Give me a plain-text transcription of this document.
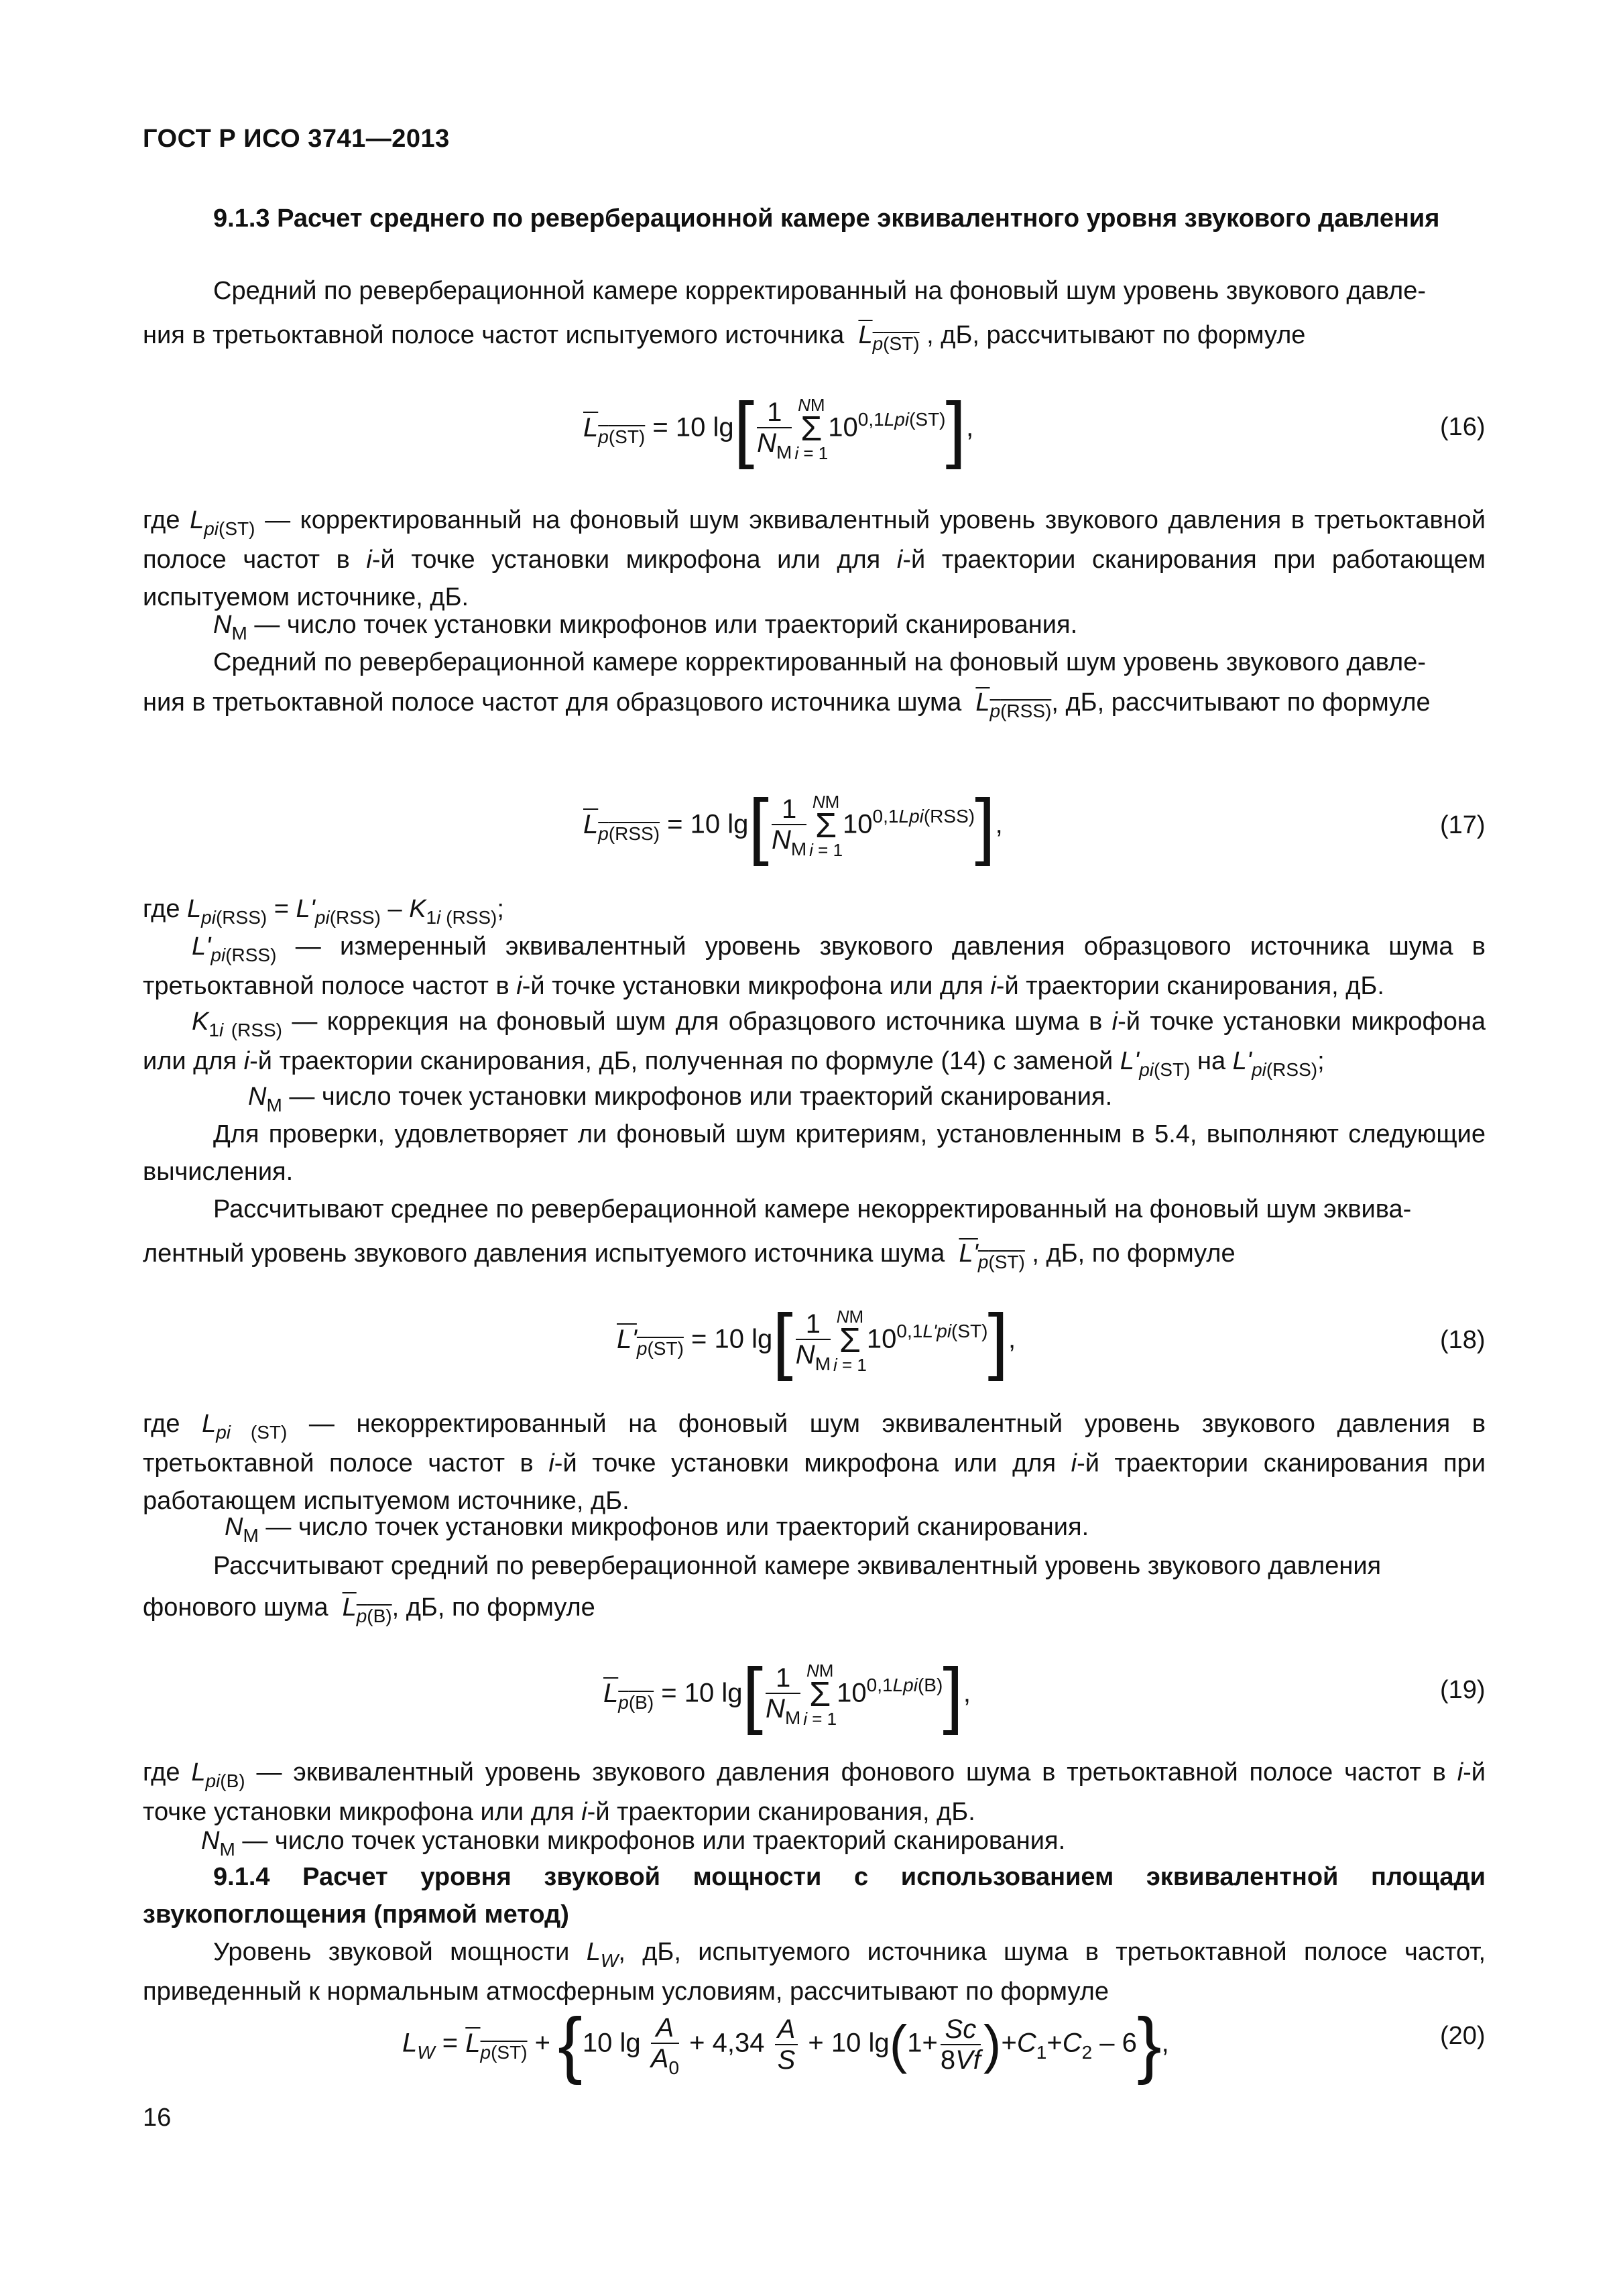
ГОСТ Р ИСО 3741—2013
9.1.3 Расчет среднего по реверберационной камере эквивалентного уровня звукового давления
Средний по реверберационной камере корректированный на фоновый шум уровень звукового давле-
ния в третьоктавной полосе частот испытуемого источника $L_{p(ST)}$ , дБ, рассчитывают по формуле
$L_{p(ST)} = 10$ $\lg[ \frac{1}{N_M}$ NM
Σ
$i = 110^{0,1Lpi(ST)}$],	(16)
где $L_{pi(ST)}$ — корректированный на фоновый шум эквивалентный уровень звукового давления в третьоктавной полосе частот в i-й точке установки микрофона или для i-й траектории сканирования при работающем испытуемом источнике, дБ.
$N_M$ — число точек установки микрофонов или траекторий сканирования.
Средний по реверберационной камере корректированный на фоновый шум уровень звукового давле-
ния в третьоктавной полосе частот для образцового источника шума $L_{p(RSS)}$, дБ, рассчитывают по формуле
$L_{p(RSS)} = 10$ $\lg[ \frac{1}{N_M}$ NM
Σ
$i = 110^{0,1Lpi(RSS)}$],	(17)
где $L_{pi(RSS)} = L'_{pi(RSS)} - K_{1i (RSS)}$;
$L'_{pi(RSS)}$ — измеренный эквивалентный уровень звукового давления образцового источника шума в третьоктавной полосе частот в i-й точке установки микрофона или для i-й траектории сканирования, дБ.
$K_{1i (RSS)}$ — коррекция на фоновый шум для образцового источника шума в i-й точке установки микрофона или для i-й траектории сканирования, дБ, полученная по формуле (14) с заменой $L'_{pi(ST)}$ на $L'_{pi(RSS)}$;
$N_M$ — число точек установки микрофонов или траекторий сканирования.
Для проверки, удовлетворяет ли фоновый шум критериям, установленным в 5.4, выполняют следующие вычисления.
Рассчитывают среднее по реверберационной камере некорректированный на фоновый шум эквива-
лентный уровень звукового давления испытуемого источника шума $L'_{p(ST)}$ , дБ, по формуле
$L'_{p(ST)} = 10$ $\lg[ \frac{1}{N_M}$ NM
Σ
$i = 110^{0,1L'pi(ST)}$],	(18)
где $L_{pi (ST)}$ — некорректированный на фоновый шум эквивалентный уровень звукового давления в третьоктавной полосе частот в i-й точке установки микрофона или для i-й траектории сканирования при работающем испытуемом источнике, дБ.
$N_M$ — число точек установки микрофонов или траекторий сканирования.
Рассчитывают средний по реверберационной камере эквивалентный уровень звукового давления
фонового шума $L_{p(B)}$, дБ, по формуле
$L_{p(B)} = 10$ $\lg[ \frac{1}{N_M}$ NM
Σ
$i = 110^{0,1Lpi(B)}$],	(19)
где $L_{pi(B)}$ — эквивалентный уровень звукового давления фонового шума в третьоктавной полосе частот в i-й точке установки микрофона или для i-й траектории сканирования, дБ.
$N_M$ — число точек установки микрофонов или траекторий сканирования.
9.1.4 Расчет уровня звуковой мощности с использованием эквивалентной площади звукопоглощения (прямой метод)
Уровень звуковой мощности $L_W$, дБ, испытуемого источника шума в третьоктавной полосе частот, приведенный к нормальным атмосферным условиям, рассчитывают по формуле
$L_W = L_{p(ST)} + \{10$ $\lg \frac{A}{A_0} + 4,34 \frac{A}{S} + 10$ $\lg(1+ \frac{Sc}{8Vf} )+C_1+C_2 - 6$},	(20)
16
